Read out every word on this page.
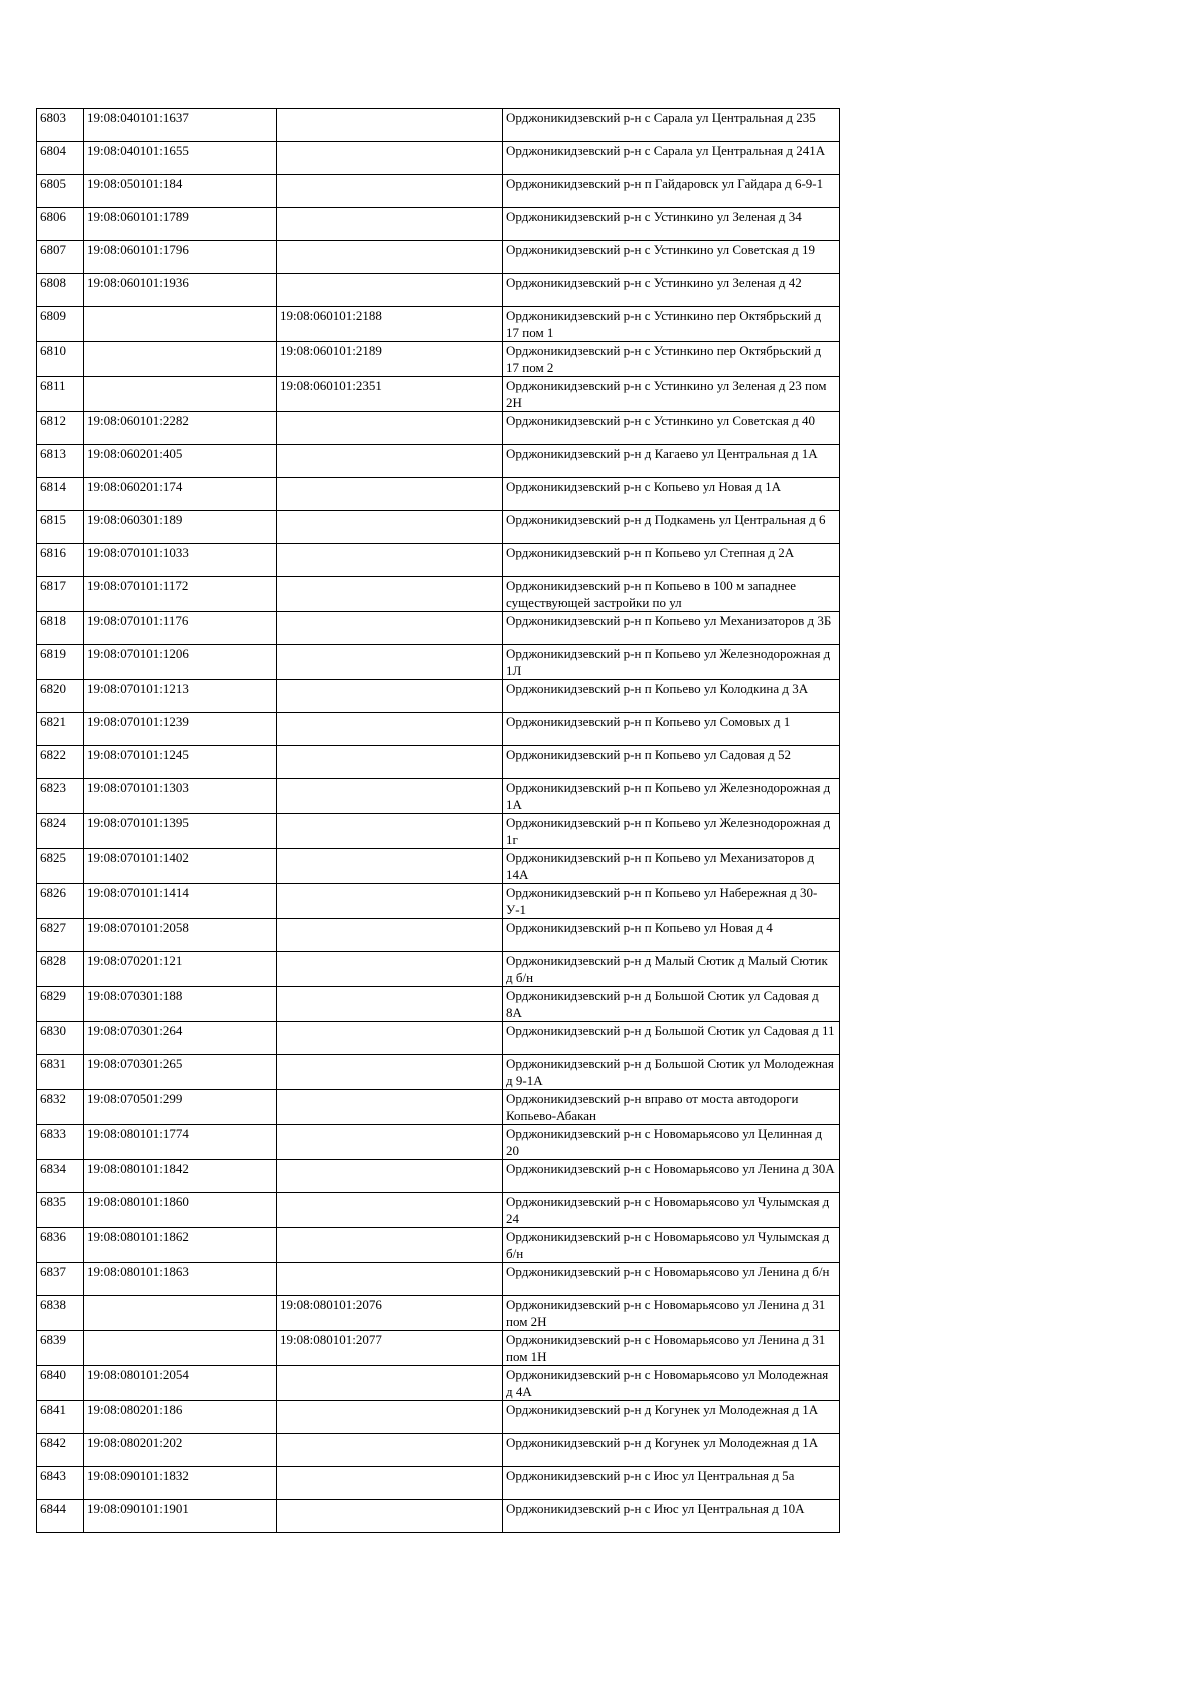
6803	19:08:040101:1637		Орджоникидзевский р-н с Сарала ул Центральная д 235
6804	19:08:040101:1655		Орджоникидзевский р-н с Сарала ул Центральная д 241А
6805	19:08:050101:184		Орджоникидзевский р-н п Гайдаровск ул Гайдара д 6-9-1
6806	19:08:060101:1789		Орджоникидзевский р-н с Устинкино ул Зеленая д 34
6807	19:08:060101:1796		Орджоникидзевский р-н с Устинкино ул Советская д 19
6808	19:08:060101:1936		Орджоникидзевский р-н с Устинкино ул Зеленая д 42
6809		19:08:060101:2188	Орджоникидзевский р-н с Устинкино пер Октябрьский д 17 пом 1
6810		19:08:060101:2189	Орджоникидзевский р-н с Устинкино пер Октябрьский д 17 пом 2
6811		19:08:060101:2351	Орджоникидзевский р-н с Устинкино ул Зеленая д 23 пом 2Н
6812	19:08:060101:2282		Орджоникидзевский р-н с Устинкино ул Советская д 40
6813	19:08:060201:405		Орджоникидзевский р-н д Кагаево ул Центральная д 1А
6814	19:08:060201:174		Орджоникидзевский р-н с Копьево ул Новая д 1А
6815	19:08:060301:189		Орджоникидзевский р-н д Подкамень ул Центральная д 6
6816	19:08:070101:1033		Орджоникидзевский р-н п Копьево ул Степная д 2А
6817	19:08:070101:1172		Орджоникидзевский р-н п Копьево в 100 м западнее существующей застройки по ул
6818	19:08:070101:1176		Орджоникидзевский р-н п Копьево ул Механизаторов д 3Б
6819	19:08:070101:1206		Орджоникидзевский р-н п Копьево ул Железнодорожная д 1Л
6820	19:08:070101:1213		Орджоникидзевский р-н п Копьево ул Колодкина д 3А
6821	19:08:070101:1239		Орджоникидзевский р-н п Копьево ул Сомовых д 1
6822	19:08:070101:1245		Орджоникидзевский р-н п Копьево ул Садовая д 52
6823	19:08:070101:1303		Орджоникидзевский р-н п Копьево ул Железнодорожная д 1А
6824	19:08:070101:1395		Орджоникидзевский р-н п Копьево ул Железнодорожная д 1г
6825	19:08:070101:1402		Орджоникидзевский р-н п Копьево ул Механизаторов д 14А
6826	19:08:070101:1414		Орджоникидзевский р-н п Копьево ул Набережная д 30-У-1
6827	19:08:070101:2058		Орджоникидзевский р-н п Копьево ул Новая д 4
6828	19:08:070201:121		Орджоникидзевский р-н д Малый Сютик д Малый Сютик д б/н
6829	19:08:070301:188		Орджоникидзевский р-н д Большой Сютик ул Садовая д 8А
6830	19:08:070301:264		Орджоникидзевский р-н д Большой Сютик ул Садовая д 11
6831	19:08:070301:265		Орджоникидзевский р-н д Большой Сютик ул Молодежная д 9-1А
6832	19:08:070501:299		Орджоникидзевский р-н вправо от моста автодороги Копьево-Абакан
6833	19:08:080101:1774		Орджоникидзевский р-н с Новомарьясово ул Целинная д 20
6834	19:08:080101:1842		Орджоникидзевский р-н с Новомарьясово ул Ленина д 30А
6835	19:08:080101:1860		Орджоникидзевский р-н с Новомарьясово ул Чулымская д 24
6836	19:08:080101:1862		Орджоникидзевский р-н с Новомарьясово ул Чулымская д б/н
6837	19:08:080101:1863		Орджоникидзевский р-н с Новомарьясово ул Ленина д б/н
6838		19:08:080101:2076	Орджоникидзевский р-н с Новомарьясово ул Ленина д 31 пом 2Н
6839		19:08:080101:2077	Орджоникидзевский р-н с Новомарьясово ул Ленина д 31 пом 1Н
6840	19:08:080101:2054		Орджоникидзевский р-н с Новомарьясово ул Молодежная д 4А
6841	19:08:080201:186		Орджоникидзевский р-н д Когунек ул Молодежная д 1А
6842	19:08:080201:202		Орджоникидзевский р-н д Когунек ул Молодежная д 1А
6843	19:08:090101:1832		Орджоникидзевский р-н с Июс ул Центральная д 5а
6844	19:08:090101:1901		Орджоникидзевский р-н с Июс ул Центральная д 10А
